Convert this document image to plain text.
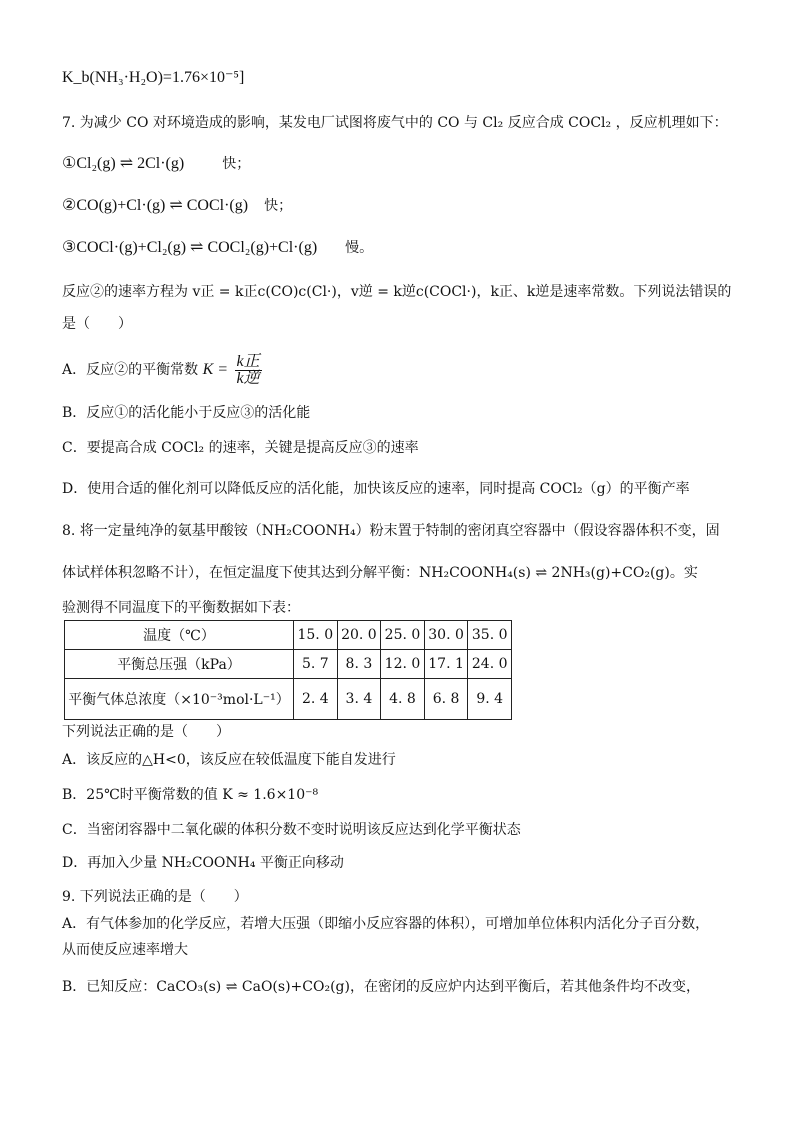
K_b(NH₃·H₂O)=1.76×10⁻⁵]
7. 为减少 CO 对环境造成的影响，某发电厂试图将废气中的 CO 与 Cl₂ 反应合成 COCl₂ ，反应机理如下：
①Cl₂(g) ⇌ 2Cl·(g)	快；
②CO(g)+Cl·(g) ⇌ COCl·(g) 快；
③COCl·(g)+Cl₂(g) ⇌ COCl₂(g)+Cl·(g) 慢。
反应②的速率方程为 v正 = k正c(CO)c(Cl·)，v逆 = k逆c(COCl·)，k正、k逆是速率常数。下列说法错误的
是（　　）
A．反应②的平衡常数 $K = \frac{\text{k正}}{\text{k逆}}$
B．反应①的活化能小于反应③的活化能
C．要提高合成 COCl₂ 的速率，关键是提高反应③的速率
D．使用合适的催化剂可以降低反应的活化能，加快该反应的速率，同时提高 COCl₂（g）的平衡产率
8. 将一定量纯净的氨基甲酸铵（NH₂COONH₄）粉末置于特制的密闭真空容器中（假设容器体积不变，固
体试样体积忽略不计），在恒定温度下使其达到分解平衡：NH₂COONH₄(s) ⇌ 2NH₃(g)+CO₂(g)。实
验测得不同温度下的平衡数据如下表：
温度（℃）	15. 0	20. 0	25. 0	30. 0	35. 0
平衡总压强（kPa）	5. 7	8. 3	12. 0	17. 1	24. 0
平衡气体总浓度（×10⁻³mol·L⁻¹）	2. 4	3. 4	4. 8	6. 8	9. 4
下列说法正确的是（　　）
A．该反应的△H<0，该反应在较低温度下能自发进行
B．25℃时平衡常数的值 K ≈ 1.6×10⁻⁸
C．当密闭容器中二氧化碳的体积分数不变时说明该反应达到化学平衡状态
D．再加入少量 NH₂COONH₄ 平衡正向移动
9. 下列说法正确的是（　　）
A．有气体参加的化学反应，若增大压强（即缩小反应容器的体积），可增加单位体积内活化分子百分数，
从而使反应速率增大
B．已知反应：CaCO₃(s) ⇌ CaO(s)+CO₂(g)，在密闭的反应炉内达到平衡后，若其他条件均不改变，
